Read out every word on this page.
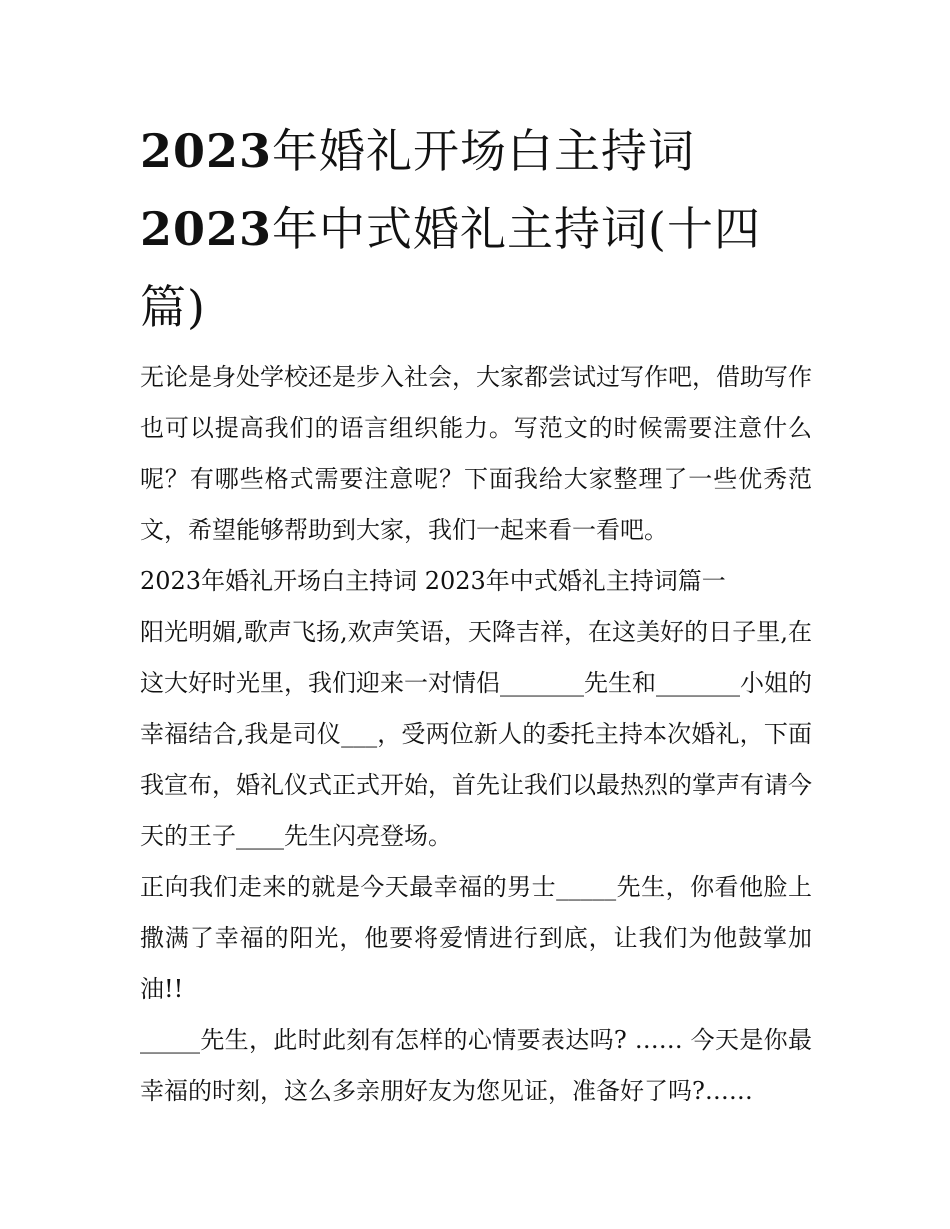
2023年婚礼开场白主持词
2023年中式婚礼主持词(十四篇)

无论是身处学校还是步入社会，大家都尝试过写作吧，借助写作也可以提高我们的语言组织能力。写范文的时候需要注意什么呢？有哪些格式需要注意呢？下面我给大家整理了一些优秀范文，希望能够帮助到大家，我们一起来看一看吧。

2023年婚礼开场白主持词 2023年中式婚礼主持词篇一

阳光明媚,歌声飞扬,欢声笑语，天降吉祥，在这美好的日子里,在这大好时光里，我们迎来一对情侣_______先生和_______小姐的幸福结合,我是司仪___，受两位新人的委托主持本次婚礼，下面我宣布，婚礼仪式正式开始，首先让我们以最热烈的掌声有请今天的王子____先生闪亮登场。

正向我们走来的就是今天最幸福的男士_____先生，你看他脸上撒满了幸福的阳光，他要将爱情进行到底，让我们为他鼓掌加油!!

_____先生，此时此刻有怎样的心情要表达吗? …… 今天是你最幸福的时刻，这么多亲朋好友为您见证，准备好了吗?……
